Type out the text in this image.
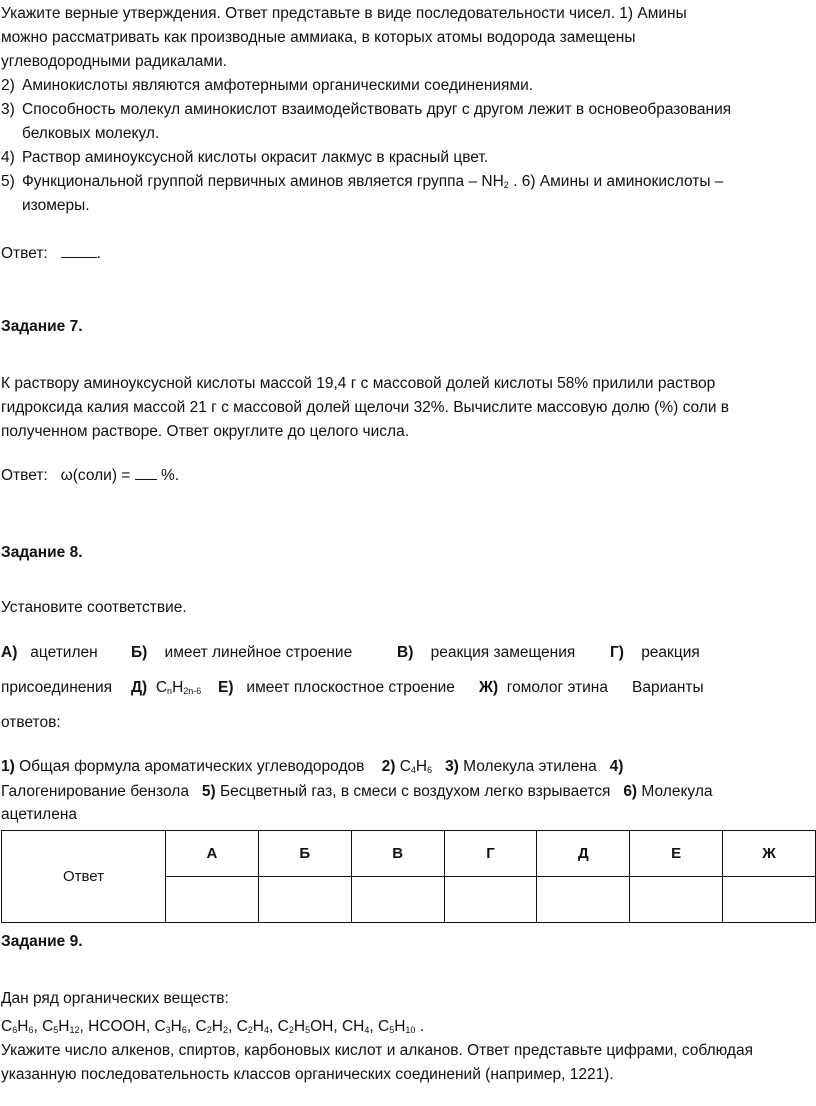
Укажите верные утверждения. Ответ представьте в виде последовательности чисел. 1) Амины
можно рассматривать как производные аммиака, в которых атомы водорода замещены
углеводородными радикалами.
2) Аминокислоты являются амфотерными органическими соединениями.
3) Способность молекул аминокислот взаимодействовать друг с другом лежит в основеобразования
белковых молекул.
4) Раствор аминоуксусной кислоты окрасит лакмус в красный цвет.
5) Функциональной группой первичных аминов является группа – $NH_2$ . 6) Амины и аминокислоты –
изомеры.
Ответ:	.
Задание 7.
К раствору аминоуксусной кислоты массой 19,4 г с массовой долей кислоты 58% прилили раствор
гидроксида калия массой 21 г с массовой долей щелочи 32%. Вычислите массовую долю (%) соли в
полученном растворе. Ответ округлите до целого числа.
Ответ: ω(соли) =  %.
Задание 8.
Установите соответствие.
А) ацетилен Б) имеет линейное строение	В) реакция замещения Г) реакция
присоединения Д) $C_nH_{2n-6}$ Е) имеет плоскостное строение Ж) гомолог этина Варианты
ответов:
1) Общая формула ароматических углеводородов 2) $C_4H_6$ 3) Молекула этилена 4)
Галогенирование бензола 5) Бесцветный газ, в смеси с воздухом легко взрывается 6) Молекула
ацетилена
Ответ	А	Б	В	Г	Д	Е	Ж

Задание 9.
Дан ряд органических веществ:
$C_6H_6$, $C_5H_{12}$, HCOOH, $C_3H_6$, $C_2H_2$, $C_2H_4$, $C_2H_5OH$, $CH_4$, $C_5H_{10}$ .
Укажите число алкенов, спиртов, карбоновых кислот и алканов. Ответ представьте цифрами, соблюдая
указанную последовательность классов органических соединений (например, 1221).
